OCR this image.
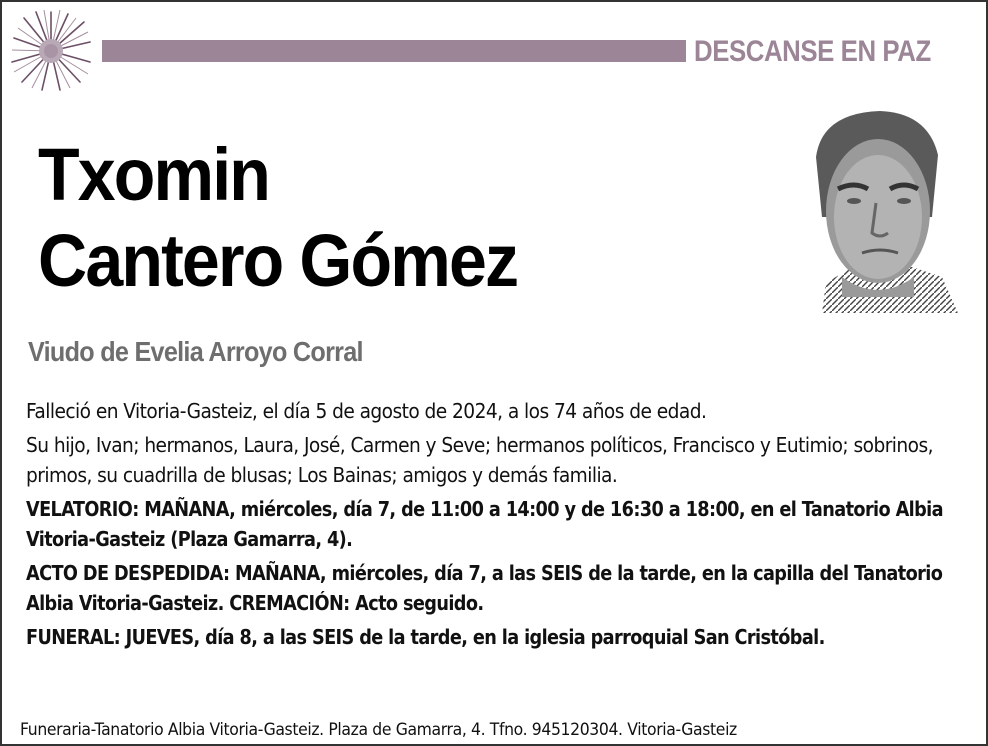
DESCANSE EN PAZ
Txomin
Cantero Gómez
Viudo de Evelia Arroyo Corral

Falleció en Vitoria-Gasteiz, el día 5 de agosto de 2024, a los 74 años de edad.

Su hijo, Ivan; hermanos, Laura, José, Carmen y Seve; hermanos políticos, Francisco y Eutimio; sobrinos, primos, su cuadrilla de blusas; Los Bainas; amigos y demás familia.

VELATORIO: MAÑANA, miércoles, día 7, de 11:00 a 14:00 y de 16:30 a 18:00, en el Tanatorio Albia Vitoria-Gasteiz (Plaza Gamarra, 4).

ACTO DE DESPEDIDA: MAÑANA, miércoles, día 7, a las SEIS de la tarde, en la capilla del Tanatorio Albia Vitoria-Gasteiz. CREMACIÓN: Acto seguido.

FUNERAL: JUEVES, día 8, a las SEIS de la tarde, en la iglesia parroquial San Cristóbal.

Funeraria-Tanatorio Albia Vitoria-Gasteiz. Plaza de Gamarra, 4. Tfno. 945120304. Vitoria-Gasteiz
